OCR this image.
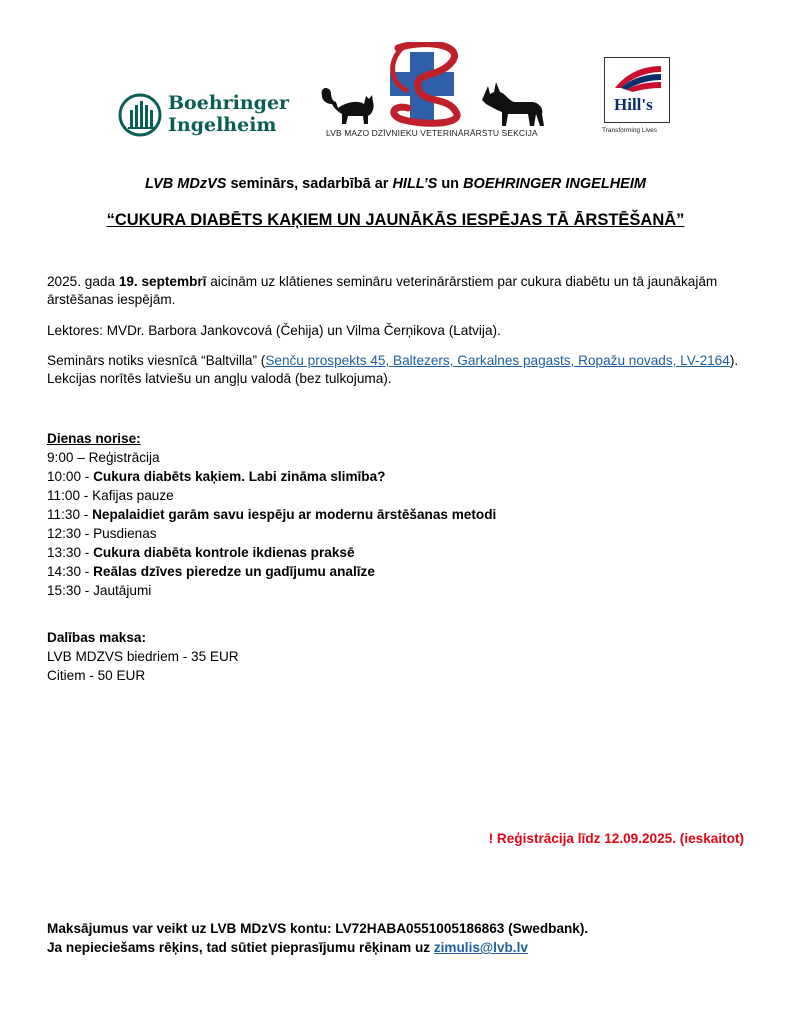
Boehringer
Ingelheim	LVB MAZO DZĪVNIEKU VETERINĀRĀRSTU SEKCIJA
Hill's
Transforming Lives
LVB MDzVS seminārs, sadarbībā ar HILL’S un BOEHRINGER INGELHEIM
“CUKURA DIABĒTS KAĶIEM UN JAUNĀKĀS IESPĒJAS TĀ ĀRSTĒŠANĀ”
2025. gada 19. septembrī aicinām uz klātienes semināru veterinārārstiem par cukura diabētu un tā jaunākajām
ārstēšanas iespējām.
Lektores: MVDr. Barbora Jankovcová (Čehija) un Vilma Čerņikova (Latvija).
Seminārs notiks viesnīcā “Baltvilla” (Senču prospekts 45, Baltezers, Garkalnes pagasts, Ropažu novads, LV-2164).
Lekcijas norītēs latviešu un angļu valodā (bez tulkojuma).
Dienas norise:
9:00 – Reģistrācija
10:00 - Cukura diabēts kaķiem. Labi zināma slimība?
11:00 - Kafijas pauze
11:30 - Nepalaidiet garām savu iespēju ar modernu ārstēšanas metodi
12:30 - Pusdienas
13:30 - Cukura diabēta kontrole ikdienas praksē
14:30 - Reālas dzīves pieredze un gadījumu analīze
15:30 - Jautājumi
Dalības maksa:
LVB MDZVS biedriem - 35 EUR
Citiem - 50 EUR
! Reģistrācija līdz 12.09.2025. (ieskaitot)
Maksājumus var veikt uz LVB MDzVS kontu: LV72HABA0551005186863 (Swedbank).
Ja nepieciešams rēķins, tad sūtiet pieprasījumu rēķinam uz zimulis@lvb.lv
